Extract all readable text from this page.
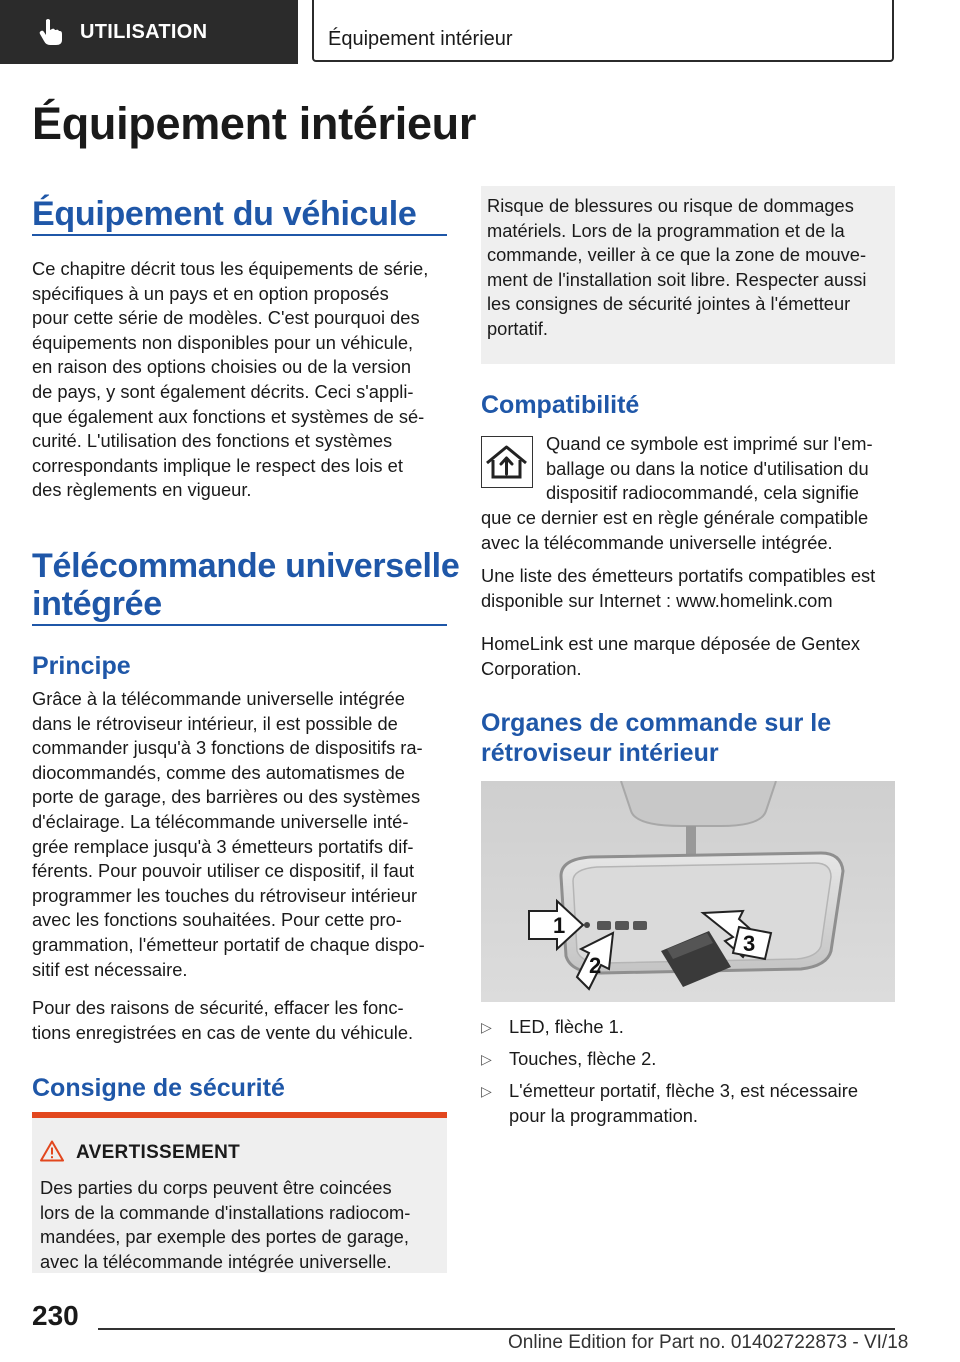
UTILISATION	Équipement intérieur
Équipement intérieur
Équipement du véhicule
Ce chapitre décrit tous les équipements de série,
spécifiques à un pays et en option proposés
pour cette série de modèles. C'est pourquoi des
équipements non disponibles pour un véhicule,
en raison des options choisies ou de la version
de pays, y sont également décrits. Ceci s'appli-
que également aux fonctions et systèmes de sé-
curité. L'utilisation des fonctions et systèmes
correspondants implique le respect des lois et
des règlements en vigueur.
Télécommande universelle
intégrée
Principe
Grâce à la télécommande universelle intégrée
dans le rétroviseur intérieur, il est possible de
commander jusqu'à 3 fonctions de dispositifs ra-
diocommandés, comme des automatismes de
porte de garage, des barrières ou des systèmes
d'éclairage. La télécommande universelle inté-
grée remplace jusqu'à 3 émetteurs portatifs dif-
férents. Pour pouvoir utiliser ce dispositif, il faut
programmer les touches du rétroviseur intérieur
avec les fonctions souhaitées. Pour cette pro-
grammation, l'émetteur portatif de chaque dispo-
sitif est nécessaire.
Pour des raisons de sécurité, effacer les fonc-
tions enregistrées en cas de vente du véhicule.
Consigne de sécurité
AVERTISSEMENT
Des parties du corps peuvent être coincées
lors de la commande d'installations radiocom-
mandées, par exemple des portes de garage,
avec la télécommande intégrée universelle.
Risque de blessures ou risque de dommages
matériels. Lors de la programmation et de la
commande, veiller à ce que la zone de mouve-
ment de l'installation soit libre. Respecter aussi
les consignes de sécurité jointes à l'émetteur
portatif.
Compatibilité
Quand ce symbole est imprimé sur l'em-
ballage ou dans la notice d'utilisation du
dispositif radiocommandé, cela signifie
que ce dernier est en règle générale compatible
avec la télécommande universelle intégrée.
Une liste des émetteurs portatifs compatibles est
disponible sur Internet : www.homelink.com
HomeLink est une marque déposée de Gentex
Corporation.
Organes de commande sur le
rétroviseur intérieur
1
2
3
▷ LED, flèche 1.
▷ Touches, flèche 2.
▷ L'émetteur portatif, flèche 3, est nécessaire
pour la programmation.
230
Online Edition for Part no. 01402722873 - VI/18
